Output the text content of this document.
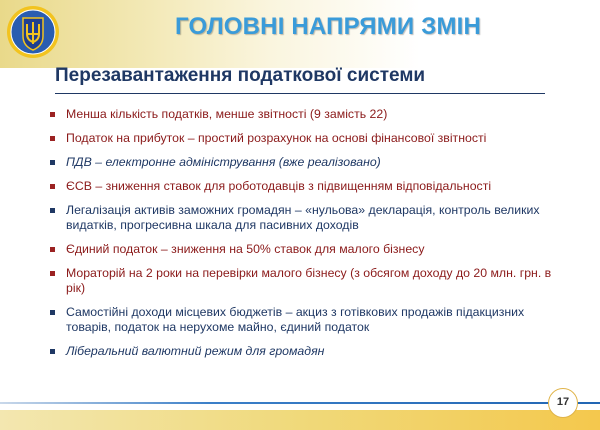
ГОЛОВНІ НАПРЯМИ ЗМІН
Перезавантаження податкової системи
Менша кількість податків, менше звітності (9 замість 22)
Податок на прибуток – простий розрахунок на основі фінансової звітності
ПДВ – електронне адміністрування (вже реалізовано)
ЄСВ – зниження ставок для роботодавців з підвищенням відповідальності
Легалізація активів заможних громадян – «нульова» декларація, контроль великих видатків, прогресивна шкала для пасивних доходів
Єдиний податок – зниження на 50% ставок для малого бізнесу
Мораторій на 2 роки на перевірки малого бізнесу (з обсягом доходу до 20 млн. грн. в рік)
Самостійні доходи місцевих бюджетів – акциз з готівкових продажів підакцизних товарів, податок на нерухоме майно, єдиний податок
Ліберальний валютний режим для громадян
17
